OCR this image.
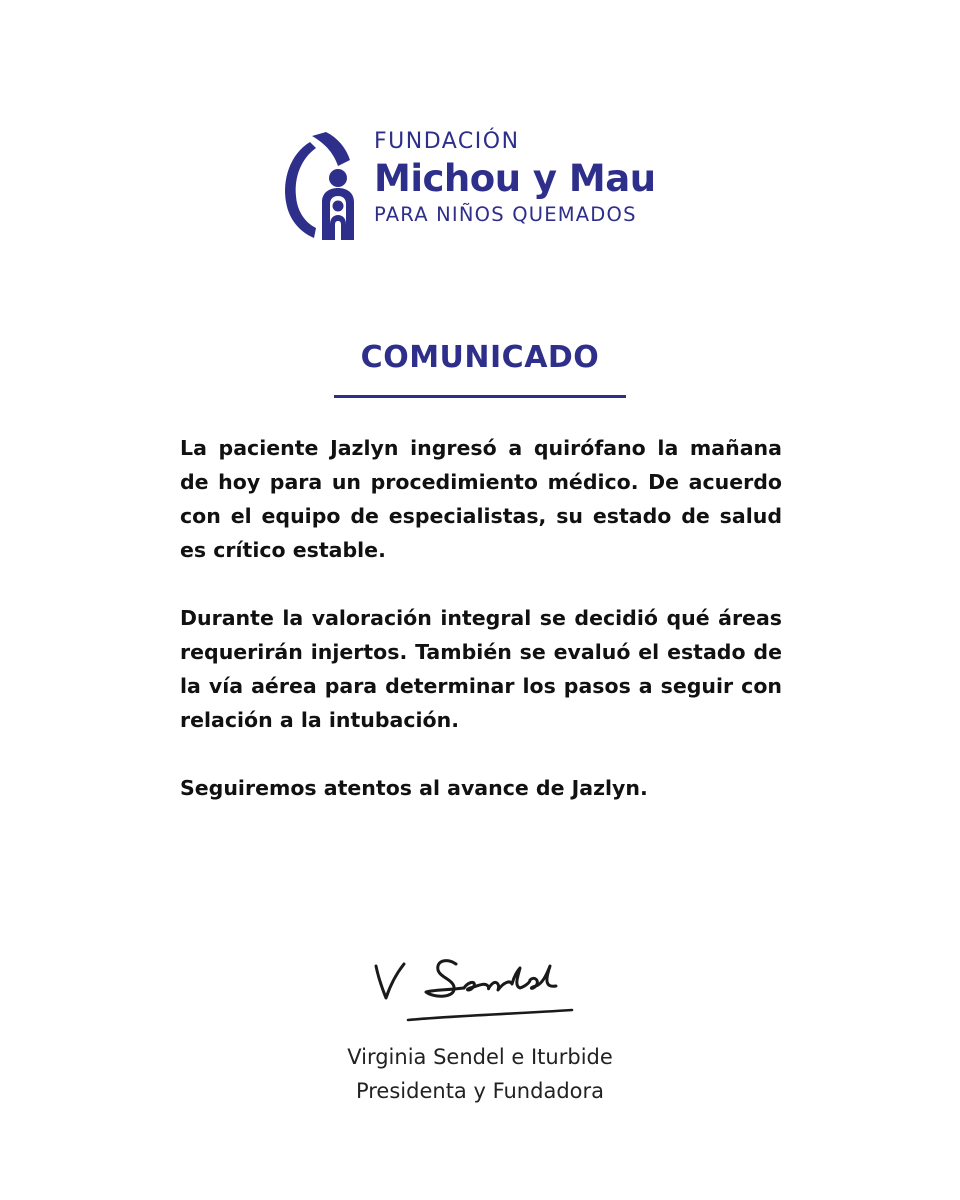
FUNDACIÓN
Michou y Mau
PARA NIÑOS QUEMADOS
COMUNICADO

La paciente Jazlyn ingresó a quirófano la mañana de hoy para un procedimiento médico. De acuerdo con el equipo de especialistas, su estado de salud es crítico estable.

Durante la valoración integral se decidió qué áreas requerirán injertos. También se evaluó el estado de la vía aérea para determinar los pasos a seguir con relación a la intubación.

Seguiremos atentos al avance de Jazlyn.

Virginia Sendel e Iturbide
Presidenta y Fundadora
